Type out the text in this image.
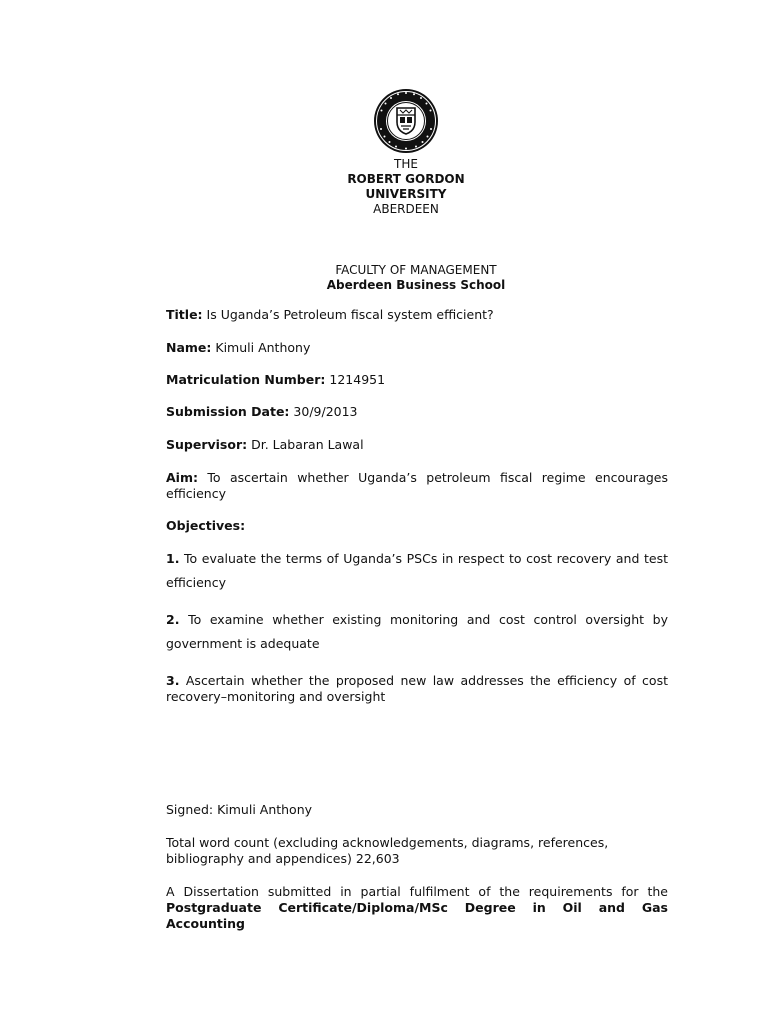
THE
ROBERT GORDON
UNIVERSITY
ABERDEEN
FACULTY OF MANAGEMENT
Aberdeen Business School
Title: Is Uganda’s Petroleum fiscal system efficient?
Name: Kimuli Anthony
Matriculation Number: 1214951
Submission Date: 30/9/2013
Supervisor: Dr. Labaran Lawal
Aim: To ascertain whether Uganda’s petroleum fiscal regime encourages efficiency
Objectives:
1. To evaluate the terms of Uganda’s PSCs in respect to cost recovery and test efficiency
2. To examine whether existing monitoring and cost control oversight by government is adequate
3. Ascertain whether the proposed new law addresses the efficiency of cost recovery–monitoring and oversight
Signed: Kimuli Anthony
Total word count (excluding acknowledgements, diagrams, references, bibliography and appendices) 22,603
A Dissertation submitted in partial fulfilment of the requirements for the Postgraduate Certificate/Diploma/MSc Degree in Oil and Gas Accounting
